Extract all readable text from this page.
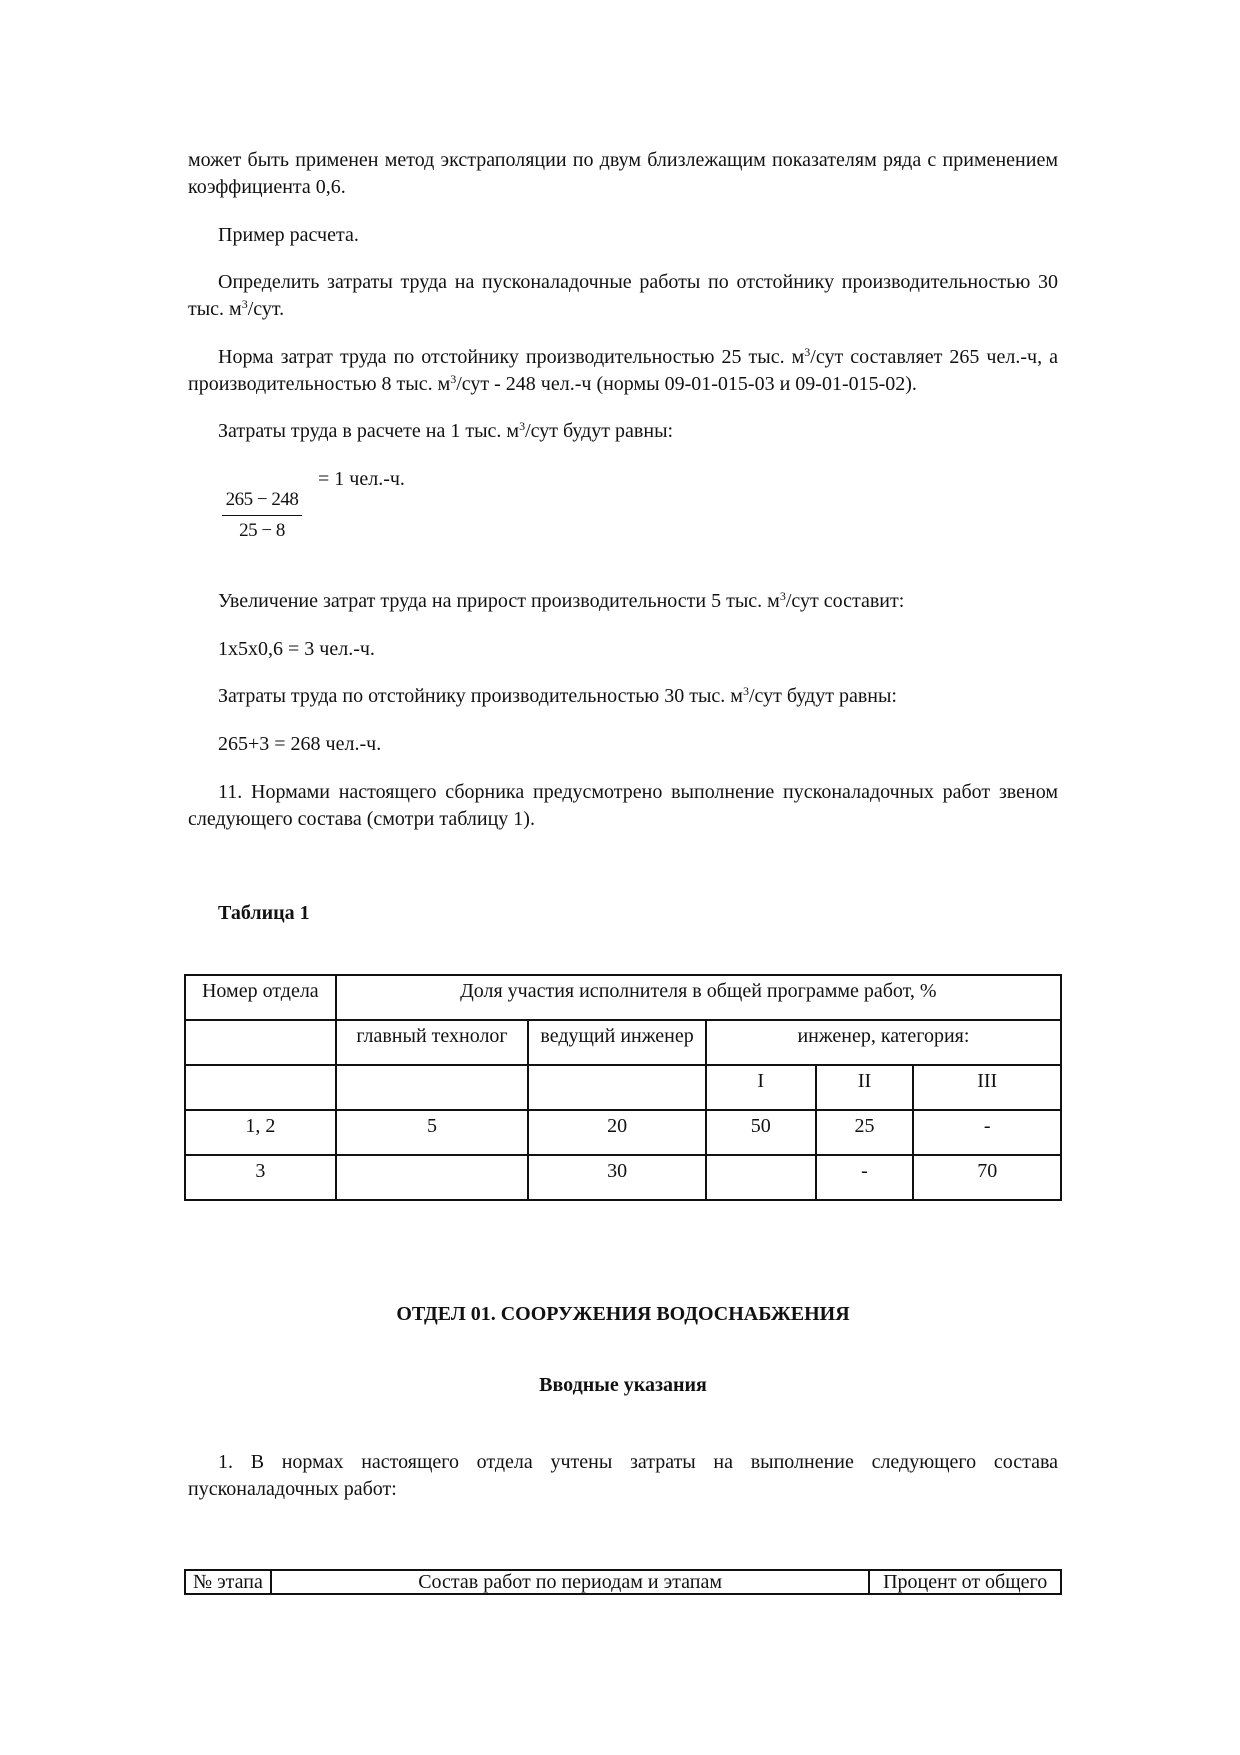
может быть применен метод экстраполяции по двум близлежащим показателям ряда с применением коэффициента 0,6.

Пример расчета.

Определить затраты труда на пусконаладочные работы по отстойнику производительностью 30 тыс. $м^3$/сут.

Норма затрат труда по отстойнику производительностью 25 тыс. $м^3$/сут составляет 265 чел.-ч, а производительностью 8 тыс. $м^3$/сут - 248 чел.-ч (нормы 09-01-015-03 и 09-01-015-02).

Затраты труда в расчете на 1 тыс. $м^3$/сут будут равны:

265 − 248
25 − 8
= 1 чел.-ч.

Увеличение затрат труда на прирост производительности 5 тыс. $м^3$/сут составит:

1х5х0,6 = 3 чел.-ч.

Затраты труда по отстойнику производительностью 30 тыс. $м^3$/сут будут равны:

265+3 = 268 чел.-ч.

11. Нормами настоящего сборника предусмотрено выполнение пусконаладочных работ звеном следующего состава (смотри таблицу 1).

Таблица 1

Номер отдела	Доля участия исполнителя в общей программе работ, %				
	главный технолог	ведущий инженер	инженер, категория:		
			I	II	III
1, 2	5	20	50	25	-
3		30		-	70

ОТДЕЛ 01. СООРУЖЕНИЯ ВОДОСНАБЖЕНИЯ

Вводные указания

1. В нормах настоящего отдела учтены затраты на выполнение следующего состава пусконаладочных работ:

№ этапа	Состав работ по периодам и этапам	Процент от общего
